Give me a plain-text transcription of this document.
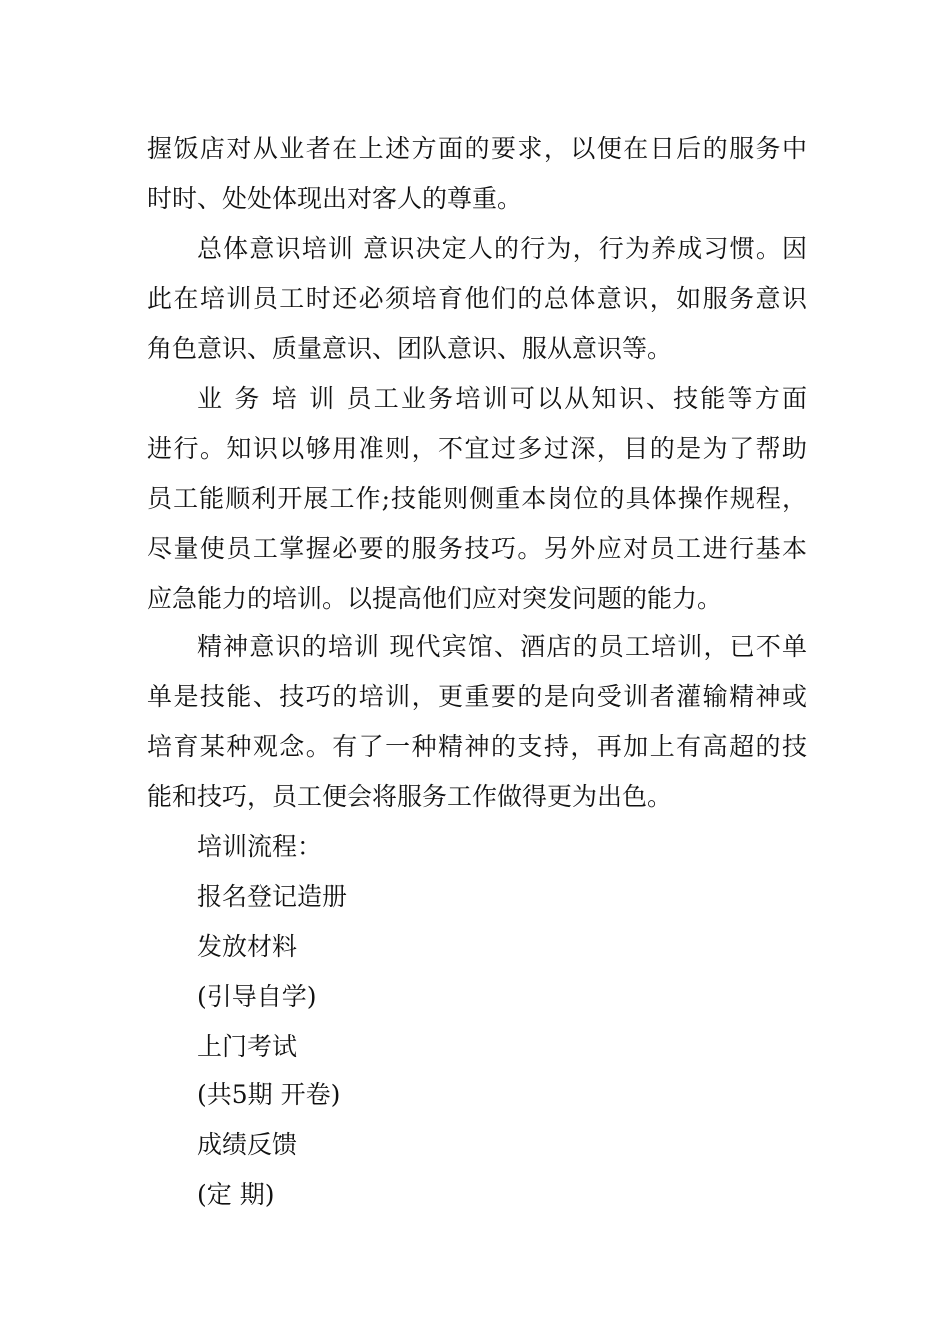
握饭店对从业者在上述方面的要求，以便在日后的服务中
时时、处处体现出对客人的尊重。
总体意识培训 意识决定人的行为，行为养成习惯。因
此在培训员工时还必须培育他们的总体意识，如服务意识
角色意识、质量意识、团队意识、服从意识等。
业 务 培 训 员工业务培训可以从知识、技能等方面
进行。知识以够用准则，不宜过多过深，目的是为了帮助
员工能顺利开展工作;技能则侧重本岗位的具体操作规程，
尽量使员工掌握必要的服务技巧。另外应对员工进行基本
应急能力的培训。以提高他们应对突发问题的能力。
精神意识的培训 现代宾馆、酒店的员工培训，已不单
单是技能、技巧的培训，更重要的是向受训者灌输精神或
培育某种观念。有了一种精神的支持，再加上有高超的技
能和技巧，员工便会将服务工作做得更为出色。
培训流程：
报名登记造册
发放材料
(引导自学)
上门考试
(共5期 开卷)
成绩反馈
(定 期)
